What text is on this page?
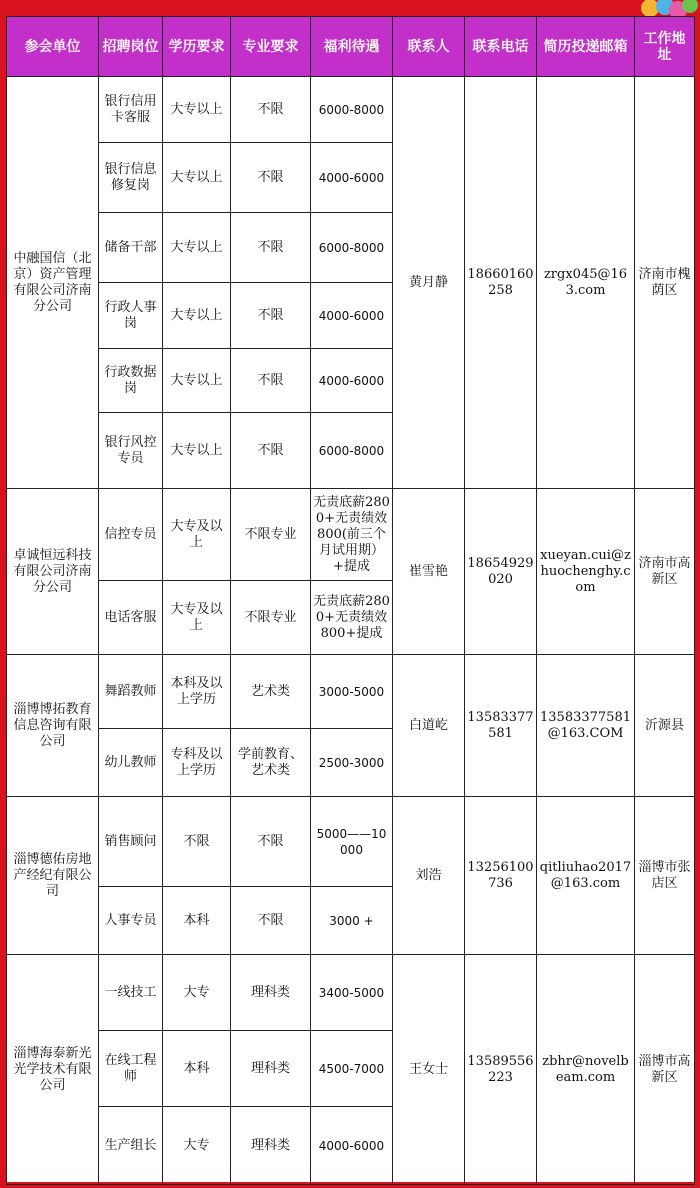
参会单位	招聘岗位	学历要求	专业要求	福利待遇	联系人	联系电话	简历投递邮箱	工作地址
中融国信（北京）资产管理有限公司济南分公司	银行信用卡客服	大专以上	不限	6000-8000	黄月静	18660160258	zrgx045@163.com	济南市槐荫区
	银行信息修复岗	大专以上	不限	4000-6000				
	储备干部	大专以上	不限	6000-8000				
	行政人事岗	大专以上	不限	4000-6000				
	行政数据岗	大专以上	不限	4000-6000				
	银行风控专员	大专以上	不限	6000-8000				
卓诚恒远科技有限公司济南分公司	信控专员	大专及以上	不限专业	无责底薪2800+无责绩效800(前三个月试用期）+提成	崔雪艳	18654929020	xueyan.cui@zhuochenghy.com	济南市高新区
	电话客服	大专及以上	不限专业	无责底薪2800+无责绩效800+提成				
淄博博拓教育信息咨询有限公司	舞蹈教师	本科及以上学历	艺术类	3000-5000	白道屹	13583377581	13583377581@163.COM	沂源县
	幼儿教师	专科及以上学历	学前教育、艺术类	2500-3000				
淄博德佑房地产经纪有限公司	销售顾问	不限	不限	5000——10000	刘浩	13256100736	qitliuhao2017@163.com	淄博市张店区
	人事专员	本科	不限	3000 +				
淄博海泰新光光学技术有限公司	一线技工	大专	理科类	3400-5000	王女士	13589556223	zbhr@novelbeam.com	淄博市高新区
	在线工程师	本科	理科类	4500-7000				
	生产组长	大专	理科类	4000-6000				
